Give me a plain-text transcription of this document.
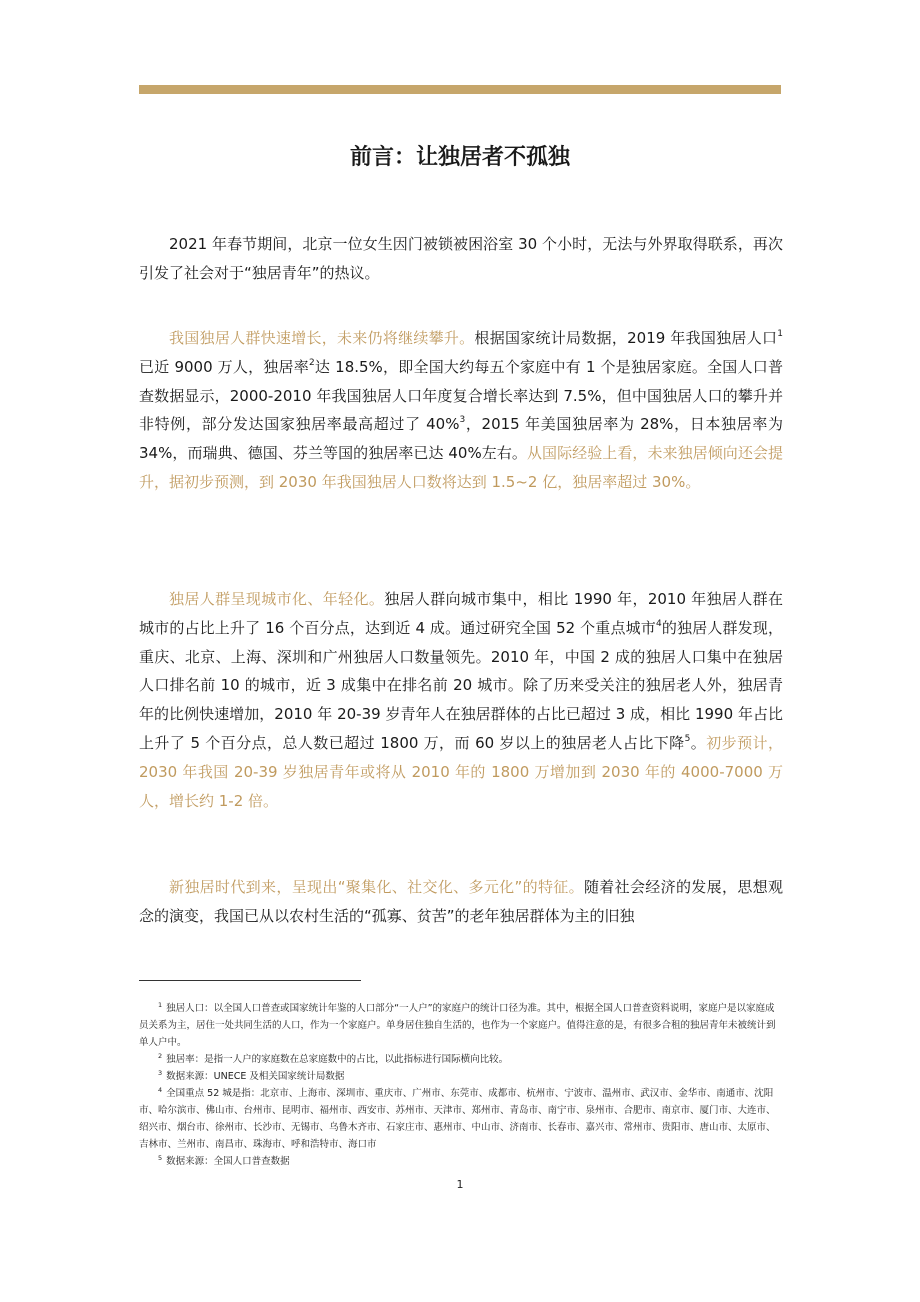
前言：让独居者不孤独
2021 年春节期间，北京一位女生因门被锁被困浴室 30 个小时，无法与外界取得联系，再次引发了社会对于“独居青年”的热议。
我国独居人群快速增长，未来仍将继续攀升。根据国家统计局数据，2019 年我国独居人口$^1$已近 9000 万人，独居率$^2$达 18.5%，即全国大约每五个家庭中有 1 个是独居家庭。全国人口普查数据显示，2000-2010 年我国独居人口年度复合增长率达到 7.5%，但中国独居人口的攀升并非特例，部分发达国家独居率最高超过了 40%$^3$，2015 年美国独居率为 28%，日本独居率为 34%，而瑞典、德国、芬兰等国的独居率已达 40%左右。从国际经验上看，未来独居倾向还会提升，据初步预测，到 2030 年我国独居人口数将达到 1.5~2 亿，独居率超过 30%。
独居人群呈现城市化、年轻化。独居人群向城市集中，相比 1990 年，2010 年独居人群在城市的占比上升了 16 个百分点，达到近 4 成。通过研究全国 52 个重点城市$^4$的独居人群发现，重庆、北京、上海、深圳和广州独居人口数量领先。2010 年，中国 2 成的独居人口集中在独居人口排名前 10 的城市，近 3 成集中在排名前 20 城市。除了历来受关注的独居老人外，独居青年的比例快速增加，2010 年 20-39 岁青年人在独居群体的占比已超过 3 成，相比 1990 年占比上升了 5 个百分点，总人数已超过 1800 万，而 60 岁以上的独居老人占比下降$^5$。初步预计，2030 年我国 20-39 岁独居青年或将从 2010 年的 1800 万增加到 2030 年的 4000-7000 万人，增长约 1-2 倍。
新独居时代到来，呈现出“聚集化、社交化、多元化”的特征。随着社会经济的发展，思想观念的演变，我国已从以农村生活的“孤寡、贫苦”的老年独居群体为主的旧独
$^1$ 独居人口：以全国人口普查或国家统计年鉴的人口部分“一人户”的家庭户的统计口径为准。其中，根据全国人口普查资料说明，家庭户是以家庭成员关系为主，居住一处共同生活的人口，作为一个家庭户。单身居住独自生活的，也作为一个家庭户。值得注意的是，有很多合租的独居青年未被统计到单人户中。
$^2$ 独居率：是指一人户的家庭数在总家庭数中的占比，以此指标进行国际横向比较。
$^3$ 数据来源：UNECE 及相关国家统计局数据
$^4$ 全国重点 52 城是指：北京市、上海市、深圳市、重庆市、广州市、东莞市、成都市、杭州市、宁波市、温州市、武汉市、金华市、南通市、沈阳市、哈尔滨市、佛山市、台州市、昆明市、福州市、西安市、苏州市、天津市、郑州市、青岛市、南宁市、泉州市、合肥市、南京市、厦门市、大连市、绍兴市、烟台市、徐州市、长沙市、无锡市、乌鲁木齐市、石家庄市、惠州市、中山市、济南市、长春市、嘉兴市、常州市、贵阳市、唐山市、太原市、吉林市、兰州市、南昌市、珠海市、呼和浩特市、海口市
$^5$ 数据来源：全国人口普查数据
1
